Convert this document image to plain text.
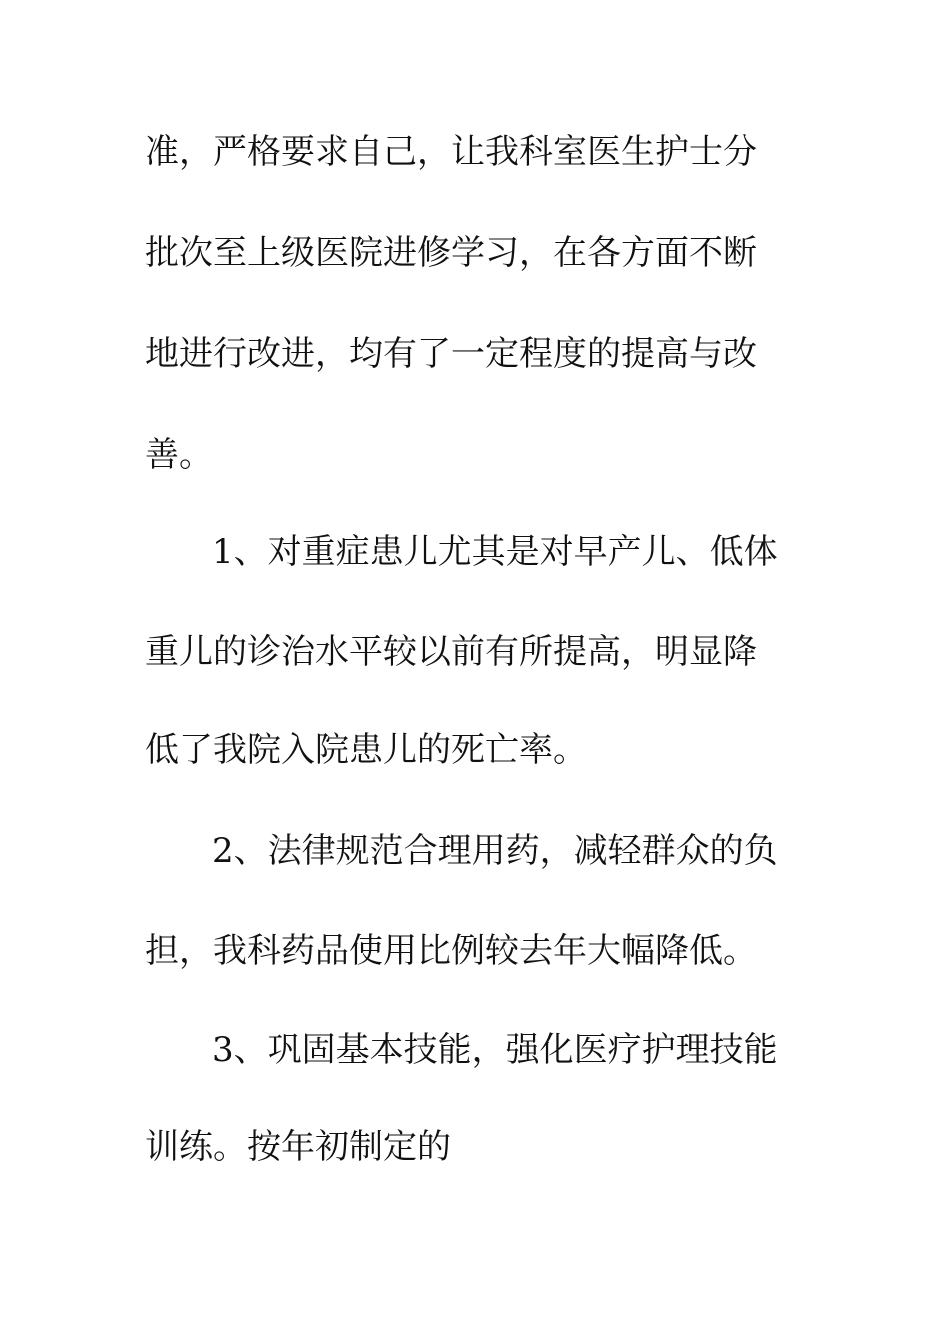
准，严格要求自己，让我科室医生护士分
批次至上级医院进修学习，在各方面不断
地进行改进，均有了一定程度的提高与改
善。
1、对重症患儿尤其是对早产儿、低体
重儿的诊治水平较以前有所提高，明显降
低了我院入院患儿的死亡率。
2、法律规范合理用药，减轻群众的负
担，我科药品使用比例较去年大幅降低。
3、巩固基本技能，强化医疗护理技能
训练。按年初制定的
